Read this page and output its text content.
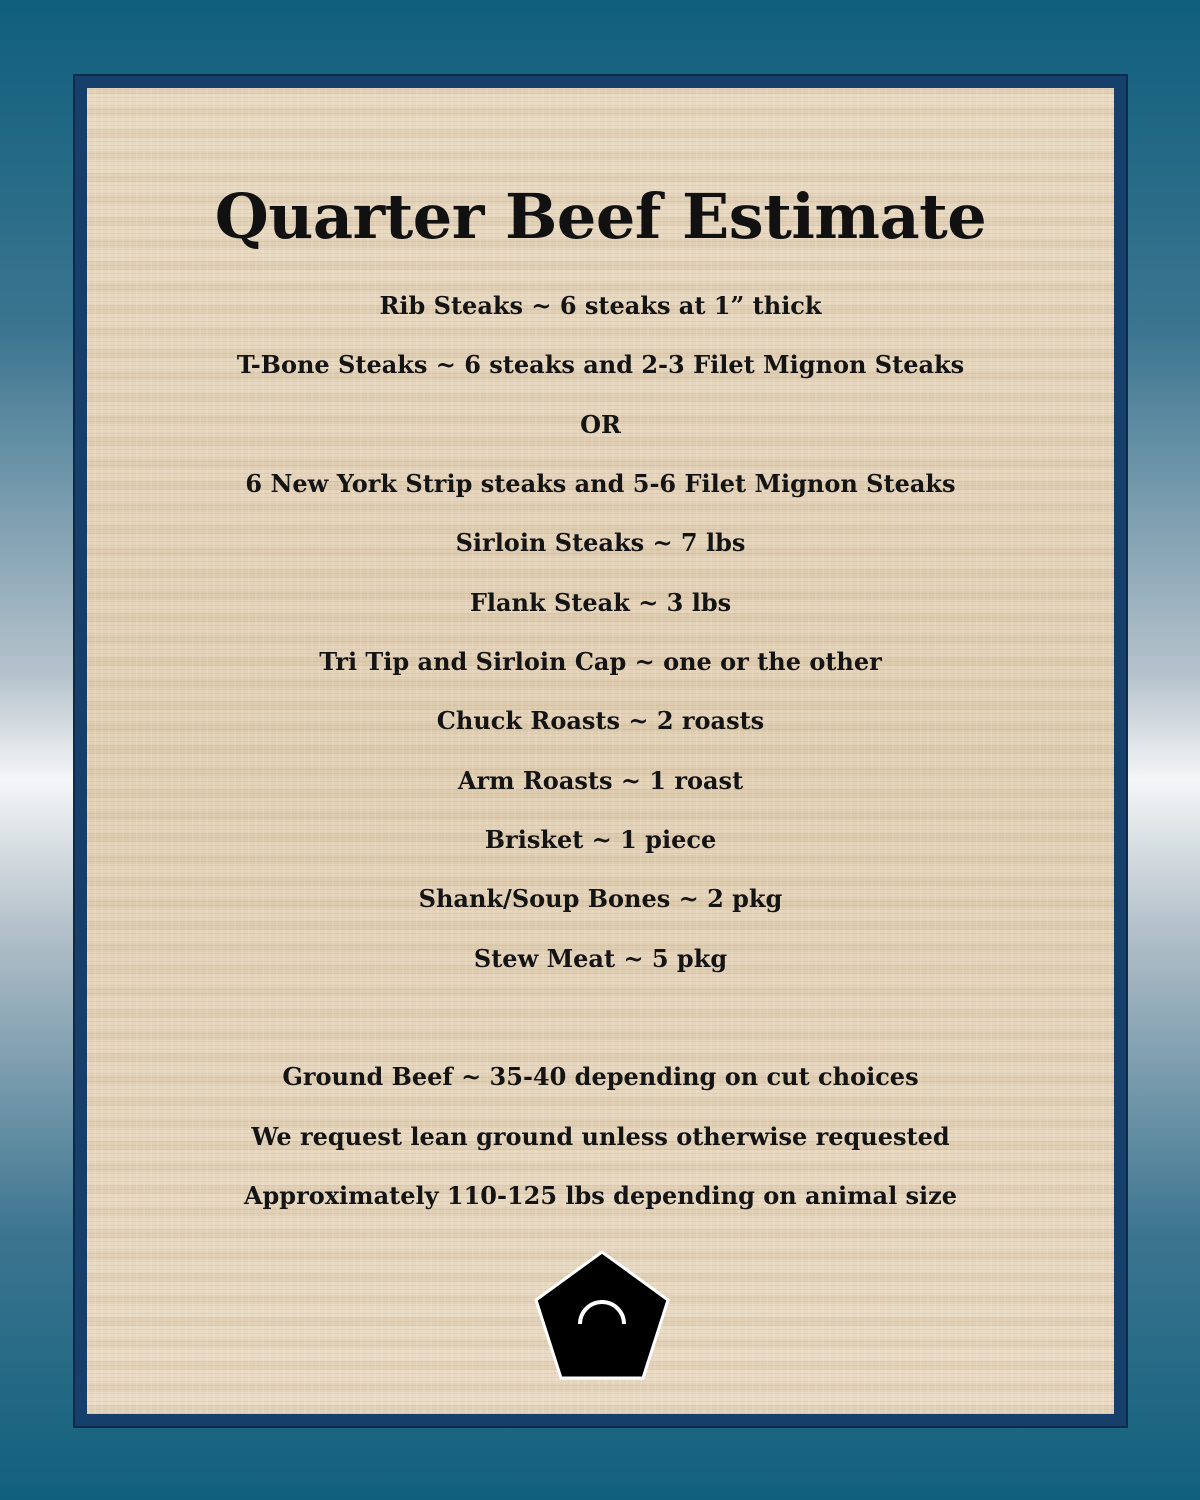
Quarter Beef Estimate

Rib Steaks ~ 6 steaks at 1” thick

T-Bone Steaks ~ 6 steaks and 2-3 Filet Mignon Steaks

OR

6 New York Strip steaks and 5-6 Filet Mignon Steaks

Sirloin Steaks ~ 7 lbs

Flank Steak ~ 3 lbs

Tri Tip and Sirloin Cap ~ one or the other

Chuck Roasts ~ 2 roasts

Arm Roasts ~ 1 roast

Brisket ~ 1 piece

Shank/Soup Bones ~ 2 pkg

Stew Meat ~ 5 pkg

Ground Beef ~ 35-40 depending on cut choices

We request lean ground unless otherwise requested

Approximately 110-125 lbs depending on animal size
